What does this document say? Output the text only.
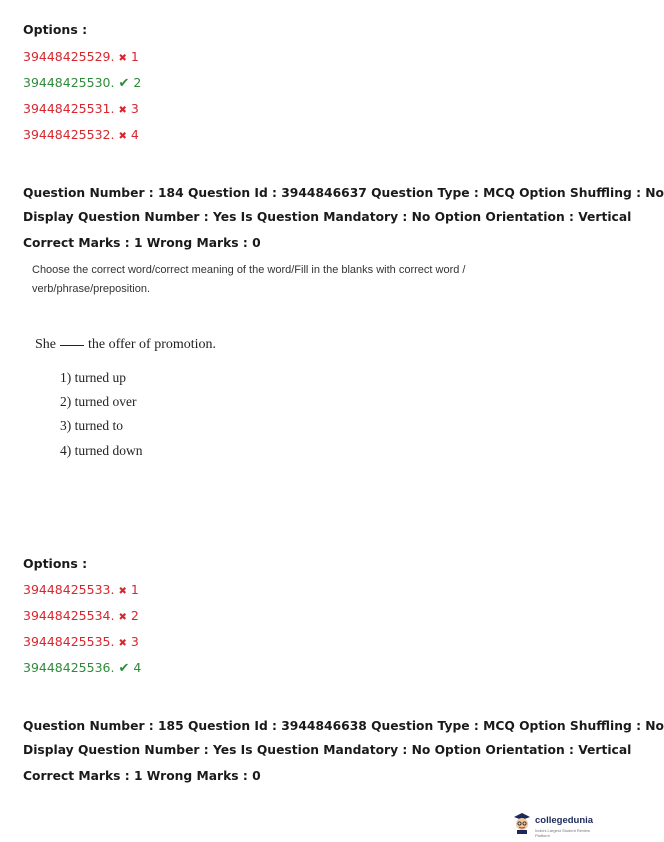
Options :
39448425529. ✖ 1
39448425530. ✔ 2
39448425531. ✖ 3
39448425532. ✖ 4
Question Number : 184 Question Id : 3944846637 Question Type : MCQ Option Shuffling : No
Display Question Number : Yes Is Question Mandatory : No Option Orientation : Vertical
Correct Marks : 1 Wrong Marks : 0
Choose the correct word/correct meaning of the word/Fill in the blanks with correct word /
verb/phrase/preposition.
She the offer of promotion.
1) turned up
2) turned over
3) turned to
4) turned down
Options :
39448425533. ✖ 1
39448425534. ✖ 2
39448425535. ✖ 3
39448425536. ✔ 4
Question Number : 185 Question Id : 3944846638 Question Type : MCQ Option Shuffling : No
Display Question Number : Yes Is Question Mandatory : No Option Orientation : Vertical
Correct Marks : 1 Wrong Marks : 0
collegedunia
India's Largest Student Review Platform
